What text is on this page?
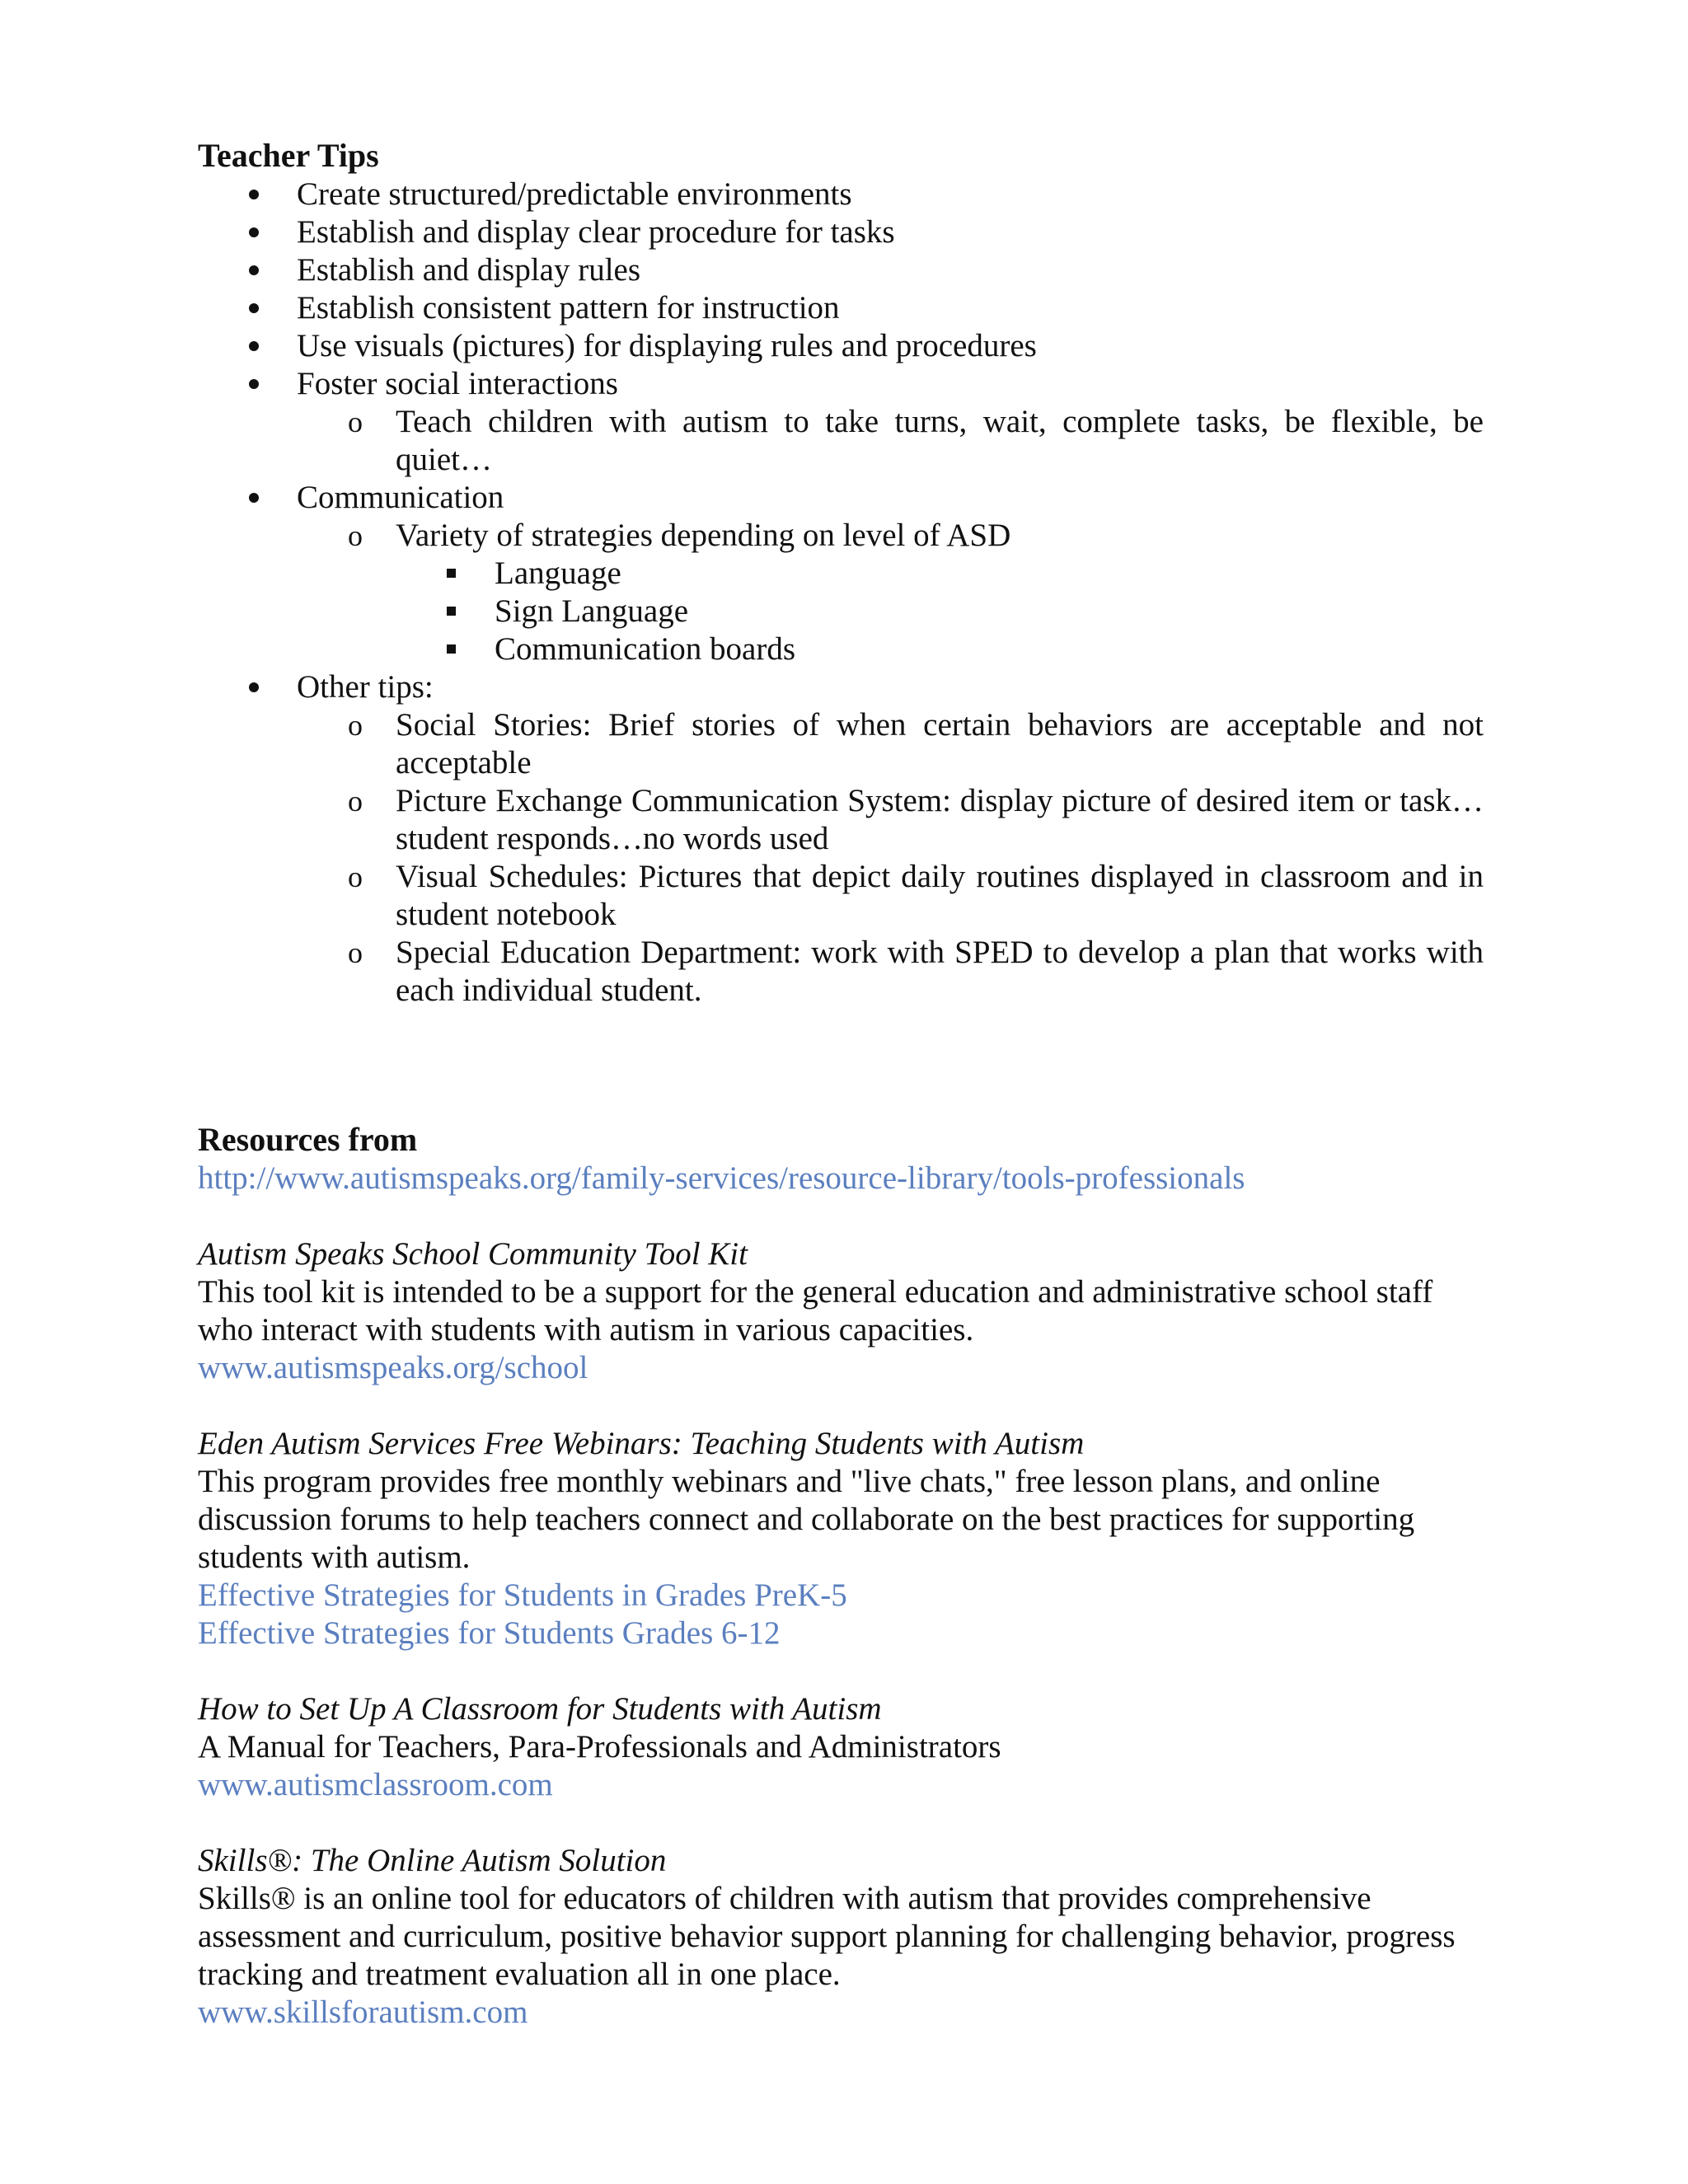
Teacher Tips
Create structured/predictable environments
Establish and display clear procedure for tasks
Establish and display rules
Establish consistent pattern for instruction
Use visuals (pictures) for displaying rules and procedures
Foster social interactions
o Teach children with autism to take turns, wait, complete tasks, be flexible, be quiet…
Communication
o Variety of strategies depending on level of ASD
Language
Sign Language
Communication boards
Other tips:
o Social Stories: Brief stories of when certain behaviors are acceptable and not acceptable
o Picture Exchange Communication System: display picture of desired item or task…student responds…no words used
o Visual Schedules: Pictures that depict daily routines displayed in classroom and in student notebook
o Special Education Department: work with SPED to develop a plan that works with each individual student.
Resources from
http://www.autismspeaks.org/family-services/resource-library/tools-professionals
Autism Speaks School Community Tool Kit
This tool kit is intended to be a support for the general education and administrative school staff who interact with students with autism in various capacities.
www.autismspeaks.org/school
Eden Autism Services Free Webinars: Teaching Students with Autism
This program provides free monthly webinars and "live chats," free lesson plans, and online discussion forums to help teachers connect and collaborate on the best practices for supporting students with autism.
Effective Strategies for Students in Grades PreK-5
Effective Strategies for Students Grades 6-12
How to Set Up A Classroom for Students with Autism
A Manual for Teachers, Para-Professionals and Administrators
www.autismclassroom.com
Skills®: The Online Autism Solution
Skills® is an online tool for educators of children with autism that provides comprehensive assessment and curriculum, positive behavior support planning for challenging behavior, progress tracking and treatment evaluation all in one place.
www.skillsforautism.com
